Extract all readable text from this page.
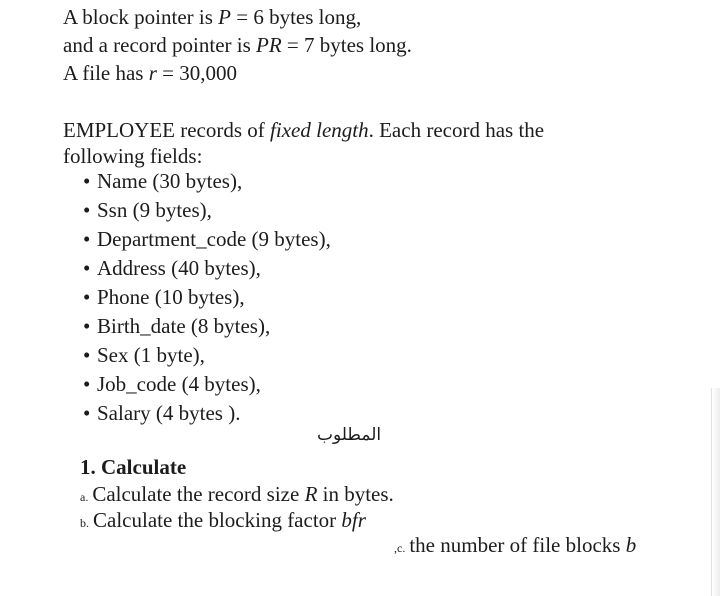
A block pointer is P = 6 bytes long,
and a record pointer is PR = 7 bytes long.
A file has r = 30,000
EMPLOYEE records of fixed length. Each record has the
following fields:
• Name (30 bytes),
• Ssn (9 bytes),
• Department_code (9 bytes),
• Address (40 bytes),
• Phone (10 bytes),
• Birth_date (8 bytes),
• Sex (1 byte),
• Job_code (4 bytes),
• Salary (4 bytes ).
المطلوب
1. Calculate
a. Calculate the record size R in bytes.
b. Calculate the blocking factor bfr
,c. the number of file blocks b
